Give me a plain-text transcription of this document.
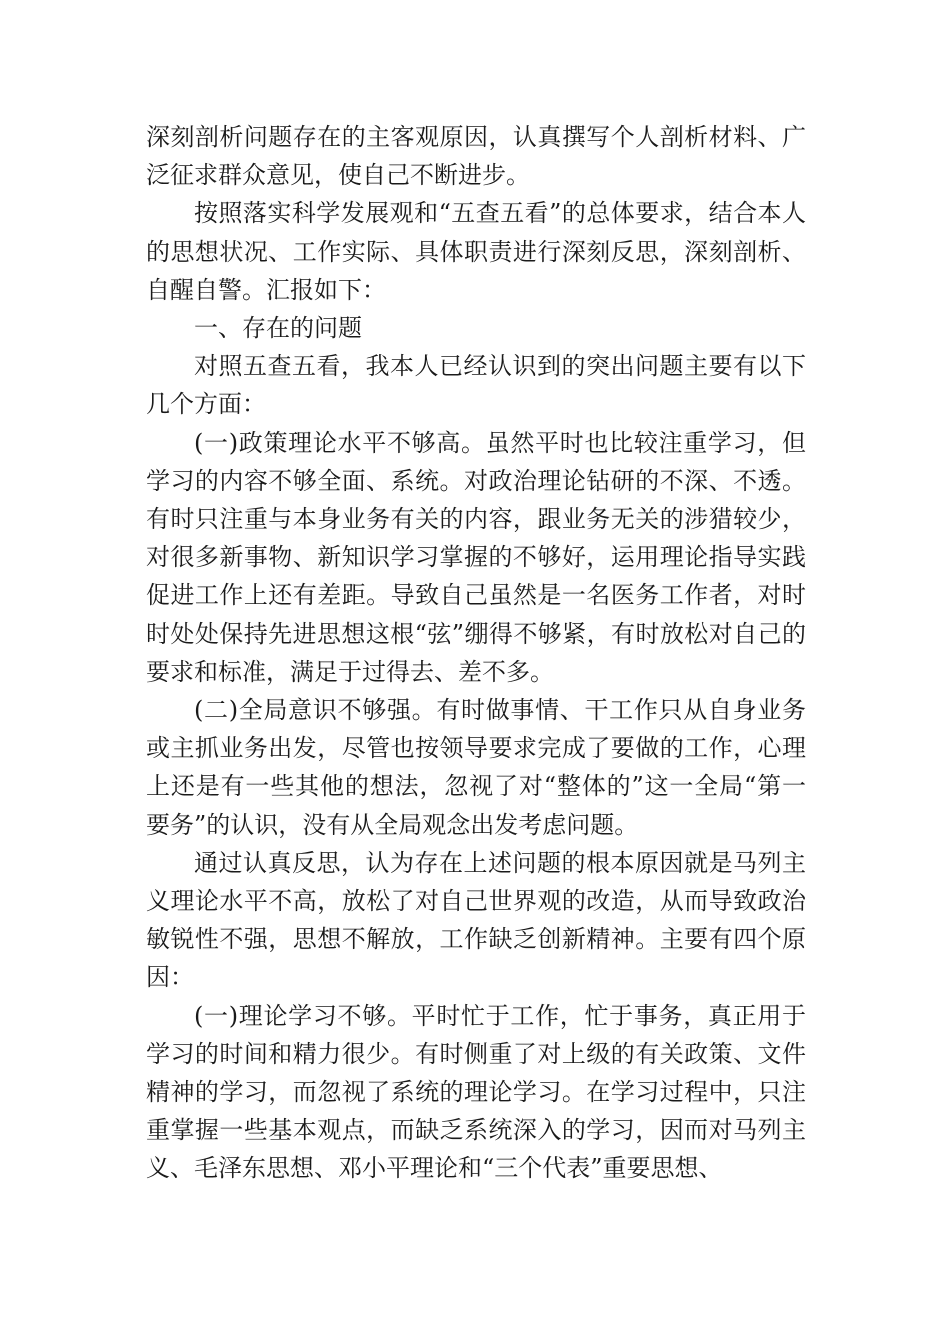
深刻剖析问题存在的主客观原因，认真撰写个人剖析材料、广泛征求群众意见，使自己不断进步。

按照落实科学发展观和“五查五看”的总体要求，结合本人的思想状况、工作实际、具体职责进行深刻反思，深刻剖析、自醒自警。汇报如下：

一、存在的问题

对照五查五看，我本人已经认识到的突出问题主要有以下几个方面：

(一)政策理论水平不够高。虽然平时也比较注重学习，但学习的内容不够全面、系统。对政治理论钻研的不深、不透。有时只注重与本身业务有关的内容，跟业务无关的涉猎较少，对很多新事物、新知识学习掌握的不够好，运用理论指导实践促进工作上还有差距。导致自己虽然是一名医务工作者，对时时处处保持先进思想这根“弦”绷得不够紧，有时放松对自己的要求和标准，满足于过得去、差不多。

(二)全局意识不够强。有时做事情、干工作只从自身业务或主抓业务出发，尽管也按领导要求完成了要做的工作，心理上还是有一些其他的想法，忽视了对“整体的”这一全局“第一要务”的认识，没有从全局观念出发考虑问题。

通过认真反思，认为存在上述问题的根本原因就是马列主义理论水平不高，放松了对自己世界观的改造，从而导致政治敏锐性不强，思想不解放，工作缺乏创新精神。主要有四个原因：

(一)理论学习不够。平时忙于工作，忙于事务，真正用于学习的时间和精力很少。有时侧重了对上级的有关政策、文件精神的学习，而忽视了系统的理论学习。在学习过程中，只注重掌握一些基本观点，而缺乏系统深入的学习，因而对马列主义、毛泽东思想、邓小平理论和“三个代表”重要思想、
